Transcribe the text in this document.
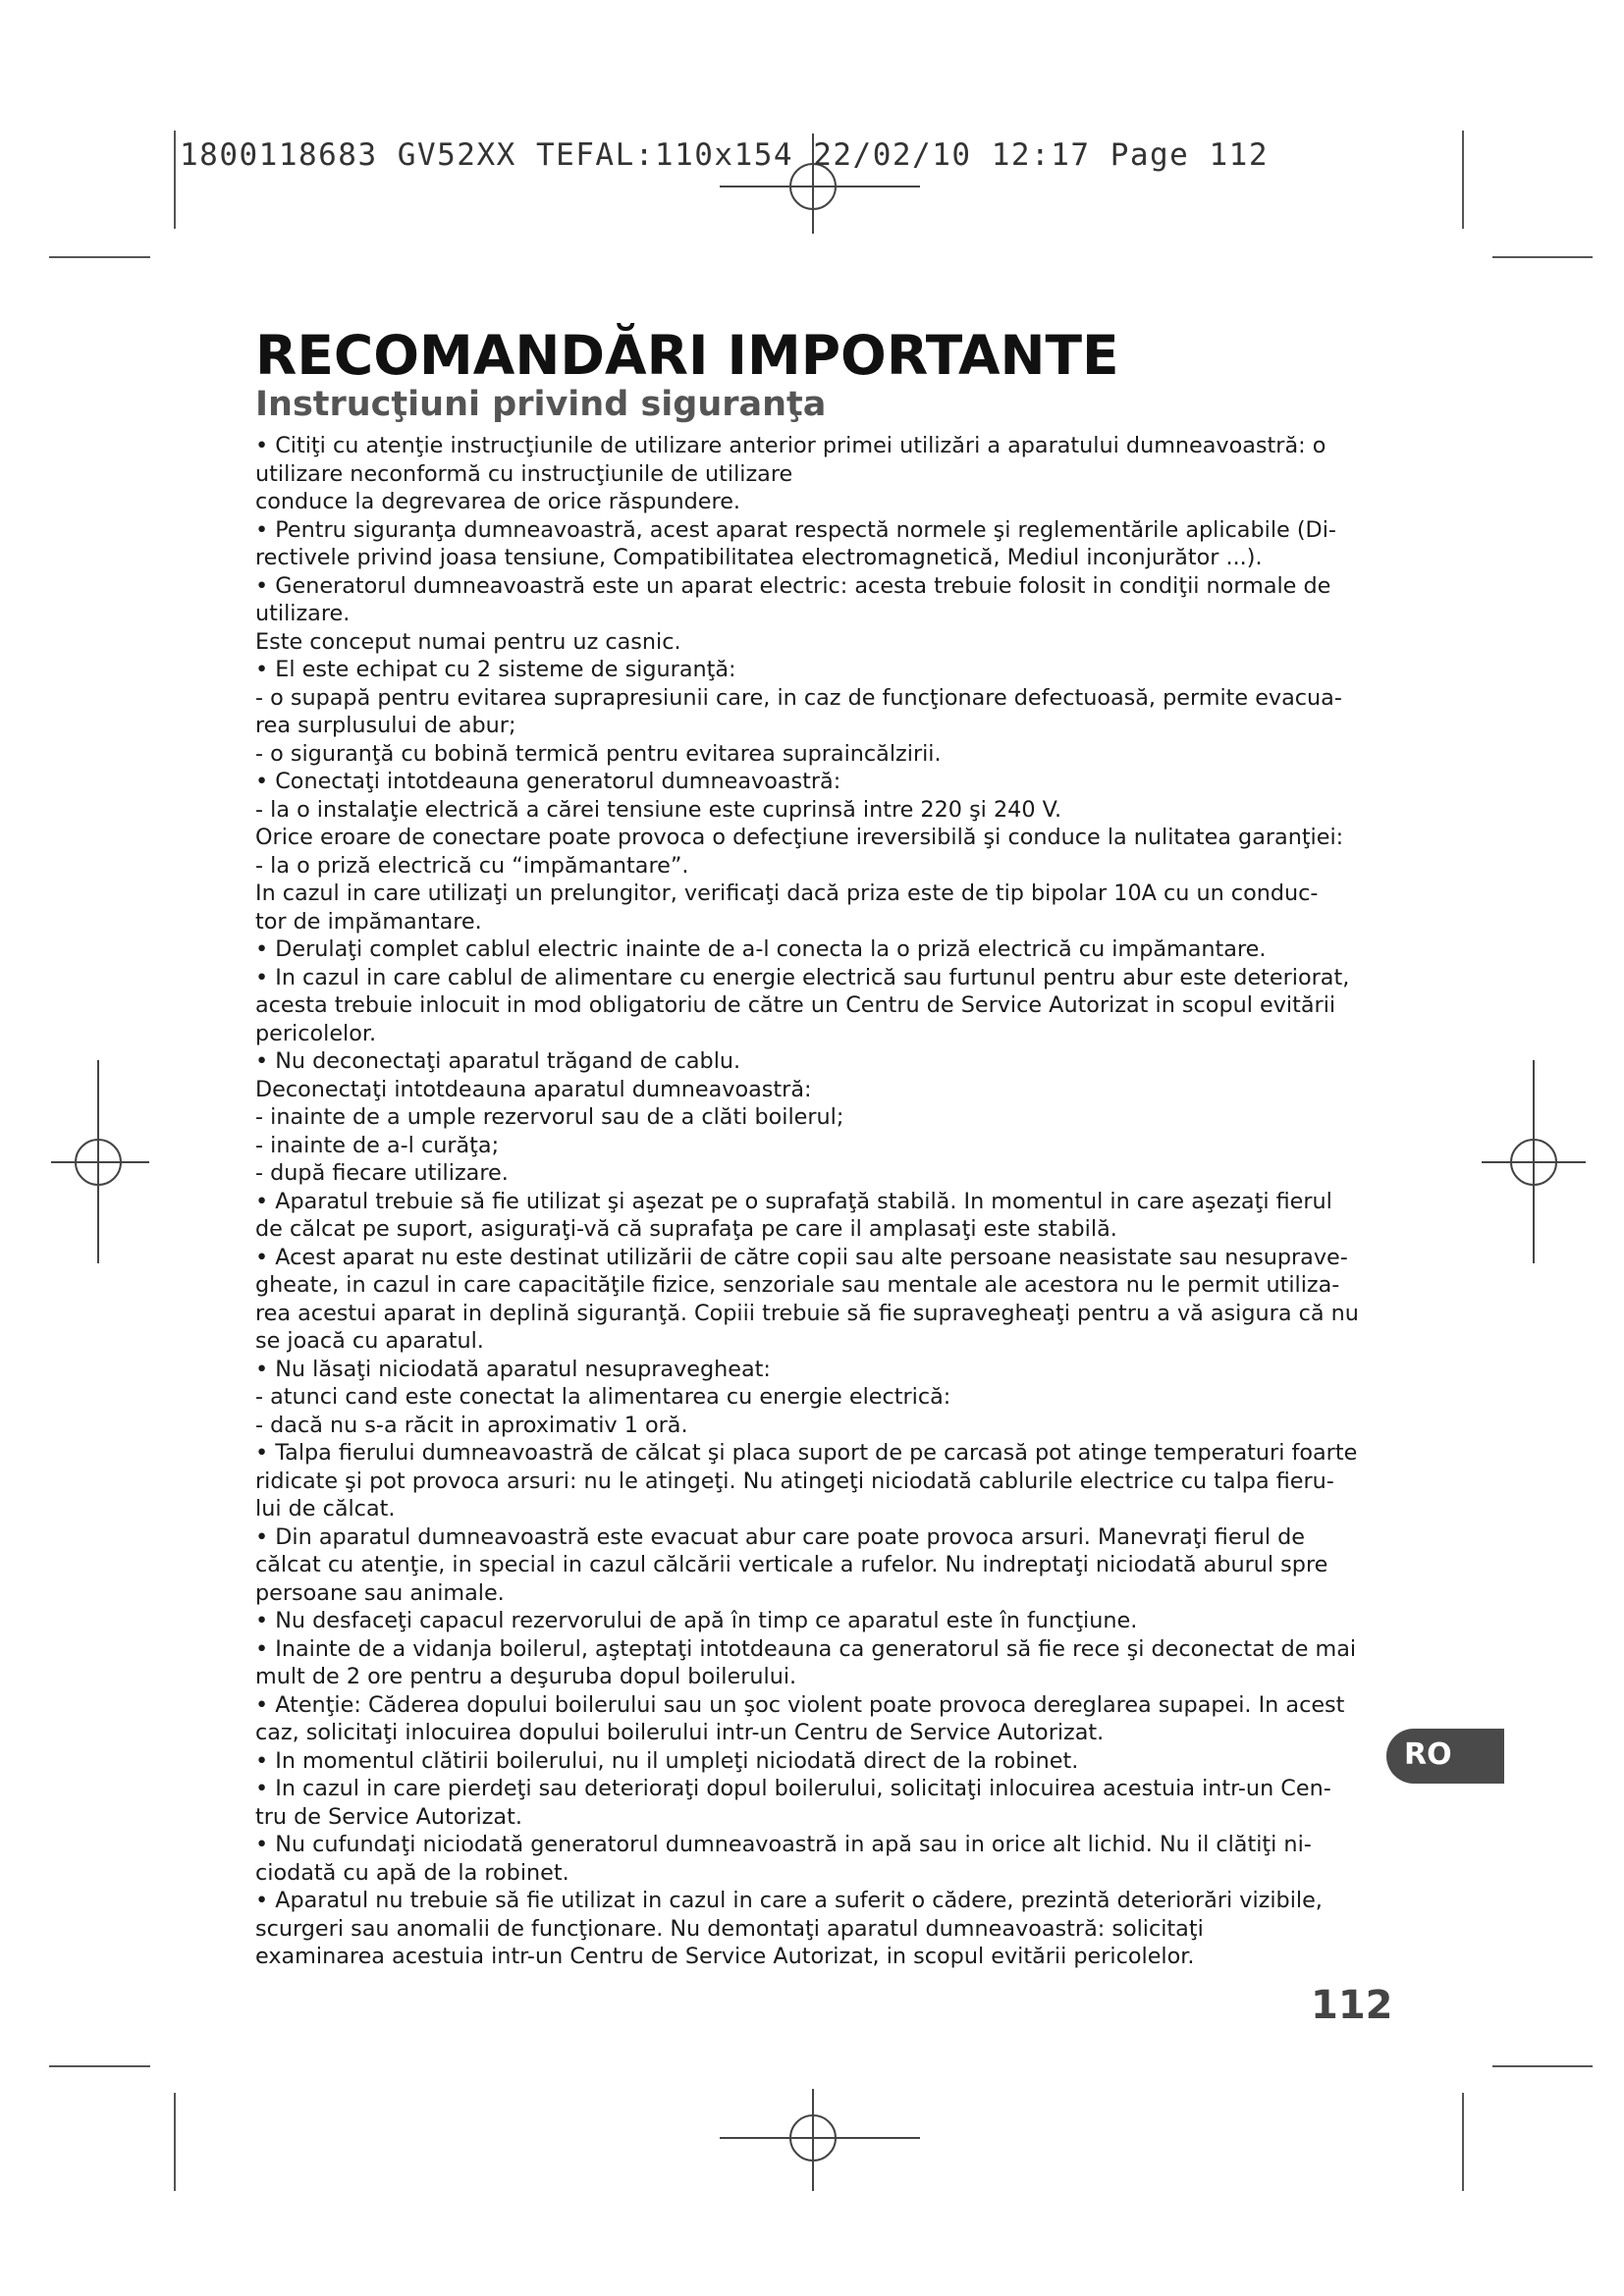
1800118683 GV52XX TEFAL:110x154 22/02/10 12:17 Page 112
RECOMANDĂRI IMPORTANTE
Instrucţiuni privind siguranţa

• Citiţi cu atenţie instrucţiunile de utilizare anterior primei utilizări a aparatului dumneavoastră: o

utilizare neconformă cu instrucţiunile de utilizare

conduce la degrevarea de orice răspundere.

• Pentru siguranţa dumneavoastră, acest aparat respectă normele şi reglementările aplicabile (Di-

rectivele privind joasa tensiune, Compatibilitatea electromagnetică, Mediul inconjurător ...).

• Generatorul dumneavoastră este un aparat electric: acesta trebuie folosit in condiţii normale de

utilizare.

Este conceput numai pentru uz casnic.

• El este echipat cu 2 sisteme de siguranţă:

- o supapă pentru evitarea suprapresiunii care, in caz de funcţionare defectuoasă, permite evacua-

rea surplusului de abur;

- o siguranţă cu bobină termică pentru evitarea supraincălzirii.

• Conectaţi intotdeauna generatorul dumneavoastră:

- la o instalaţie electrică a cărei tensiune este cuprinsă intre 220 şi 240 V.

Orice eroare de conectare poate provoca o defecţiune ireversibilă şi conduce la nulitatea garanţiei:

- la o priză electrică cu “impămantare”.

In cazul in care utilizaţi un prelungitor, verificaţi dacă priza este de tip bipolar 10A cu un conduc-

tor de impămantare.

• Derulaţi complet cablul electric inainte de a-l conecta la o priză electrică cu impămantare.

• In cazul in care cablul de alimentare cu energie electrică sau furtunul pentru abur este deteriorat,

acesta trebuie inlocuit in mod obligatoriu de către un Centru de Service Autorizat in scopul evitării

pericolelor.

• Nu deconectaţi aparatul trăgand de cablu.

Deconectaţi intotdeauna aparatul dumneavoastră:

- inainte de a umple rezervorul sau de a clăti boilerul;

- inainte de a-l curăţa;

- după fiecare utilizare.

• Aparatul trebuie să fie utilizat şi aşezat pe o suprafaţă stabilă. In momentul in care aşezaţi fierul

de călcat pe suport, asiguraţi-vă că suprafaţa pe care il amplasaţi este stabilă.

• Acest aparat nu este destinat utilizării de către copii sau alte persoane neasistate sau nesuprave-

gheate, in cazul in care capacităţile fizice, senzoriale sau mentale ale acestora nu le permit utiliza-

rea acestui aparat in deplină siguranţă. Copiii trebuie să fie supravegheaţi pentru a vă asigura că nu

se joacă cu aparatul.

• Nu lăsaţi niciodată aparatul nesupravegheat:

- atunci cand este conectat la alimentarea cu energie electrică:

- dacă nu s-a răcit in aproximativ 1 oră.

• Talpa fierului dumneavoastră de călcat şi placa suport de pe carcasă pot atinge temperaturi foarte

ridicate şi pot provoca arsuri: nu le atingeţi. Nu atingeţi niciodată cablurile electrice cu talpa fieru-

lui de călcat.

• Din aparatul dumneavoastră este evacuat abur care poate provoca arsuri. Manevraţi fierul de

călcat cu atenţie, in special in cazul călcării verticale a rufelor. Nu indreptaţi niciodată aburul spre

persoane sau animale.

• Nu desfaceţi capacul rezervorului de apă în timp ce aparatul este în funcţiune.

• Inainte de a vidanja boilerul, aşteptaţi intotdeauna ca generatorul să fie rece şi deconectat de mai

mult de 2 ore pentru a deşuruba dopul boilerului.

• Atenţie: Căderea dopului boilerului sau un şoc violent poate provoca dereglarea supapei. In acest

caz, solicitaţi inlocuirea dopului boilerului intr-un Centru de Service Autorizat.

• In momentul clătirii boilerului, nu il umpleţi niciodată direct de la robinet.

• In cazul in care pierdeţi sau deterioraţi dopul boilerului, solicitaţi inlocuirea acestuia intr-un Cen-

tru de Service Autorizat.

• Nu cufundaţi niciodată generatorul dumneavoastră in apă sau in orice alt lichid. Nu il clătiţi ni-

ciodată cu apă de la robinet.

• Aparatul nu trebuie să fie utilizat in cazul in care a suferit o cădere, prezintă deteriorări vizibile,

scurgeri sau anomalii de funcţionare. Nu demontaţi aparatul dumneavoastră: solicitaţi

examinarea acestuia intr-un Centru de Service Autorizat, in scopul evitării pericolelor.

RO
112
